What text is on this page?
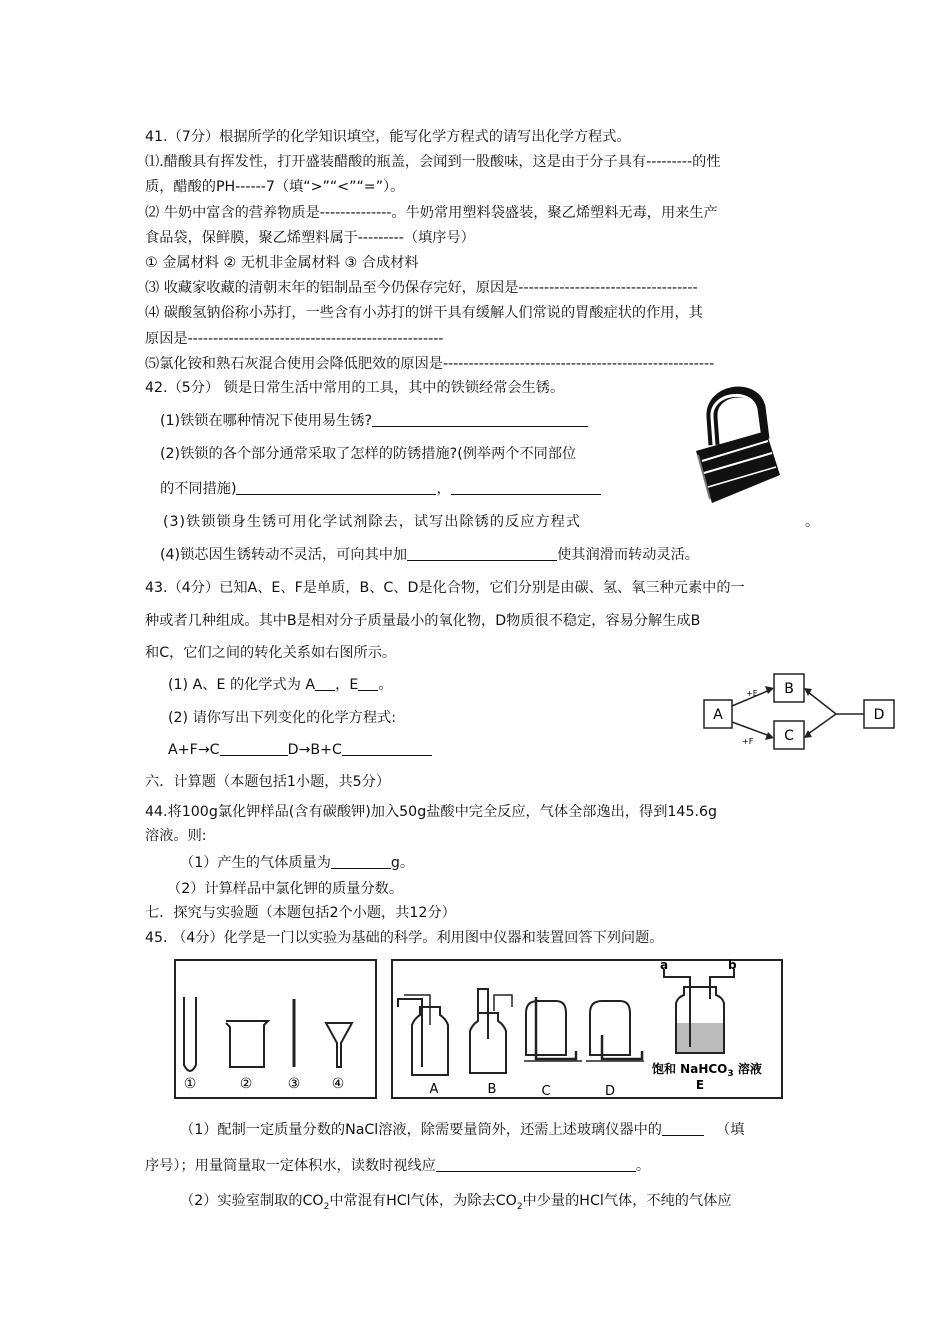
41.（7分）根据所学的化学知识填空，能写化学方程式的请写出化学方程式。
⑴.醋酸具有挥发性，打开盛装醋酸的瓶盖，会闻到一股酸味，这是由于分子具有---------的性
质，醋酸的PH------7（填“>”“<”“=”）。
⑵ 牛奶中富含的营养物质是--------------。牛奶常用塑料袋盛装，聚乙烯塑料无毒，用来生产
食品袋，保鲜膜，聚乙烯塑料属于---------（填序号）
① 金属材料 ② 无机非金属材料 ③ 合成材料
⑶ 收藏家收藏的清朝末年的铝制品至今仍保存完好，原因是-----------------------------------
⑷ 碳酸氢钠俗称小苏打，一些含有小苏打的饼干具有缓解人们常说的胃酸症状的作用，其
原因是--------------------------------------------------
⑸氯化铵和熟石灰混合使用会降低肥效的原因是-----------------------------------------------------
42.（5分） 锁是日常生活中常用的工具，其中的铁锁经常会生锈。
(1)铁锁在哪种情况下使用易生锈?
(2)铁锁的各个部分通常采取了怎样的防锈措施?(例举两个不同部位
的不同措施)	，
(3)铁锁锁身生锈可用化学试剂除去，试写出除锈的反应方程式	。
(4)锁芯因生锈转动不灵活，可向其中加	使其润滑而转动灵活。
43.（4分）已知A、E、F是单质，B、C、D是化合物，它们分别是由碳、氢、氧三种元素中的一
种或者几种组成。其中B是相对分子质量最小的氧化物，D物质很不稳定，容易分解生成B
和C，它们之间的转化关系如右图所示。
(1) A、E 的化学式为 A ，E 。
(2) 请你写出下列变化的化学方程式:
A+F→C	D→B+C
A
B
C
D
+E
+F
六．计算题（本题包括1小题，共5分）
44.将100g氯化钾样品(含有碳酸钾)加入50g盐酸中完全反应，气体全部逸出，得到145.6g
溶液。则:
（1）产生的气体质量为	g。
（2）计算样品中氯化钾的质量分数。
七．探究与实验题（本题包括2个小题，共12分）
45. （4分）化学是一门以实验为基础的科学。利用图中仪器和装置回答下列问题。
①	②	③ ④
a	b
饱和 NaHCO$_3$ 溶液
A	B	C	D	E
（1）配制一定质量分数的NaCl溶液，除需要量筒外，还需上述玻璃仪器中的	（填
序号）；用量筒量取一定体积水，读数时视线应	。
（2）实验室制取的$CO_2$中常混有HCl气体，为除去$CO_2$中少量的HCl气体，不纯的气体应
